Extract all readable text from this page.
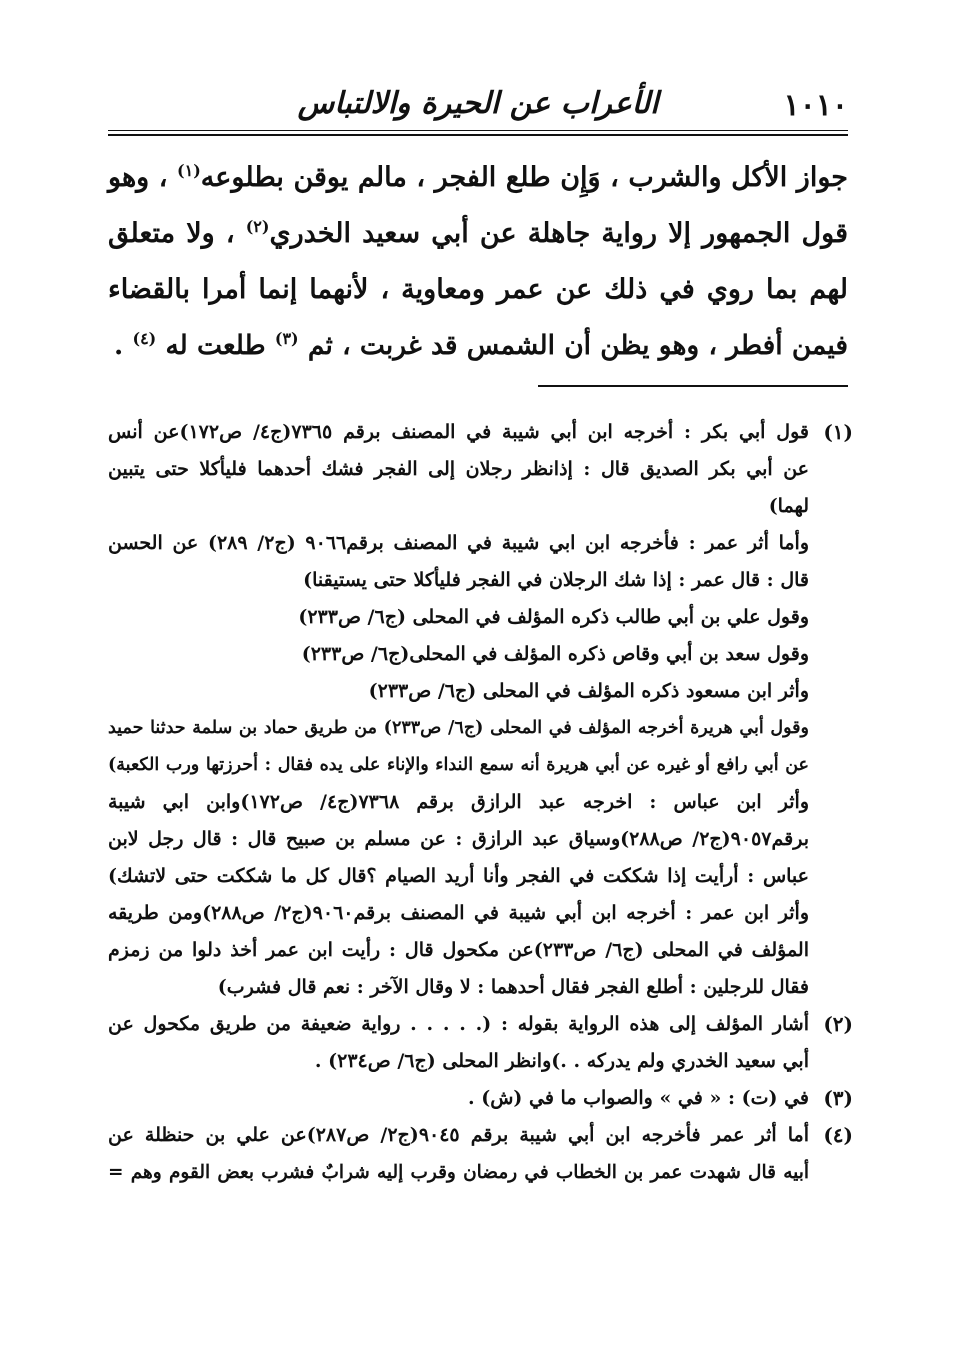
الأعراب عن الحيرة والالتباس	١٠١٠
جواز الأكل والشرب ، وَإِن طلع الفجر ، مالم يوقن بطلوعه$^{(١)}$ ، وهو
قول الجمهور إلا رواية جاهلة عن أبي سعيد الخدري$^{(٢)}$ ، ولا متعلق
لهم بما روي في ذلك عن عمر ومعاوية ، لأنهما إنما أمرا بالقضاء
فيمن أفطر ، وهو يظن أن الشمس قد غربت ، ثم $^{(٣)}$ طلعت له $^{(٤)}$ .
(١)
قول أبي بكر : أخرجه ابن أبي شيبة في المصنف برقم ٧٣٦٥(ج٤/ ص١٧٢)عن أنس
عن أبي بكر الصديق قال : إذانظر رجلان إلى الفجر فشك أحدهما فليأكلا حتى يتبين
لهما)
وأما أثر عمر : فأخرجه ابن ابي شيبة في المصنف برقم٩٠٦٦ (ج٢/ ٢٨٩) عن الحسن
قال : قال عمر : إذا شك الرجلان في الفجر فليأكلا حتى يستيقنا)
وقول علي بن أبي طالب ذكره المؤلف في المحلى (ج٦/ ص٢٣٣)
وقول سعد بن أبي وقاص ذكره المؤلف في المحلى(ج٦/ ص٢٣٣)
وأثر ابن مسعود ذكره المؤلف في المحلى (ج٦/ ص٢٣٣)
وقول أبي هريرة أخرجه المؤلف في المحلى (ج٦/ ص٢٣٣) من طريق حماد بن سلمة حدثنا حميد
عن أبي رافع أو غيره عن أبي هريرة أنه سمع النداء والإناء على يده فقال : أحرزتها ورب الكعبة)
وأثر ابن عباس : اخرجه عبد الرازق برقم ٧٣٦٨(ج٤/ ص١٧٢)وابن ابي شيبة
برقم٩٠٥٧(ج٢/ ص٢٨٨)وسياق عبد الرازق : عن مسلم بن صبيح قال : قال رجل لابن
عباس : أرأيت إذا شككت في الفجر وأنا أريد الصيام ؟قال كل ما شككت حتى لاتشك)
وأثر ابن عمر : أخرجه ابن أبي شيبة في المصنف برقم٩٠٦٠(ج٢/ ص٢٨٨)ومن طريقه
المؤلف في المحلى (ج٦/ ص٢٣٣)عن مكحول قال : رأيت ابن عمر أخذ دلوا من زمزم
فقال للرجلين : أطلع الفجر فقال أحدهما : لا وقال الآخر : نعم قال فشرب)
(٢)
أشار المؤلف إلى هذه الرواية بقوله : (. . . . . رواية ضعيفة من طريق مكحول عن
أبي سعيد الخدري ولم يدركه . .)وانظر المحلى (ج٦/ ص٢٣٤) .
(٣)
في (ت) : « في » والصواب ما في (ش) .
(٤)
أما أثر عمر فأخرجه ابن أبي شيبة برقم ٩٠٤٥(ج٢/ ص٢٨٧)عن علي بن حنظلة عن
أبيه قال شهدت عمر بن الخطاب في رمضان وقرب إليه شرابٌ فشرب بعض القوم وهم =
